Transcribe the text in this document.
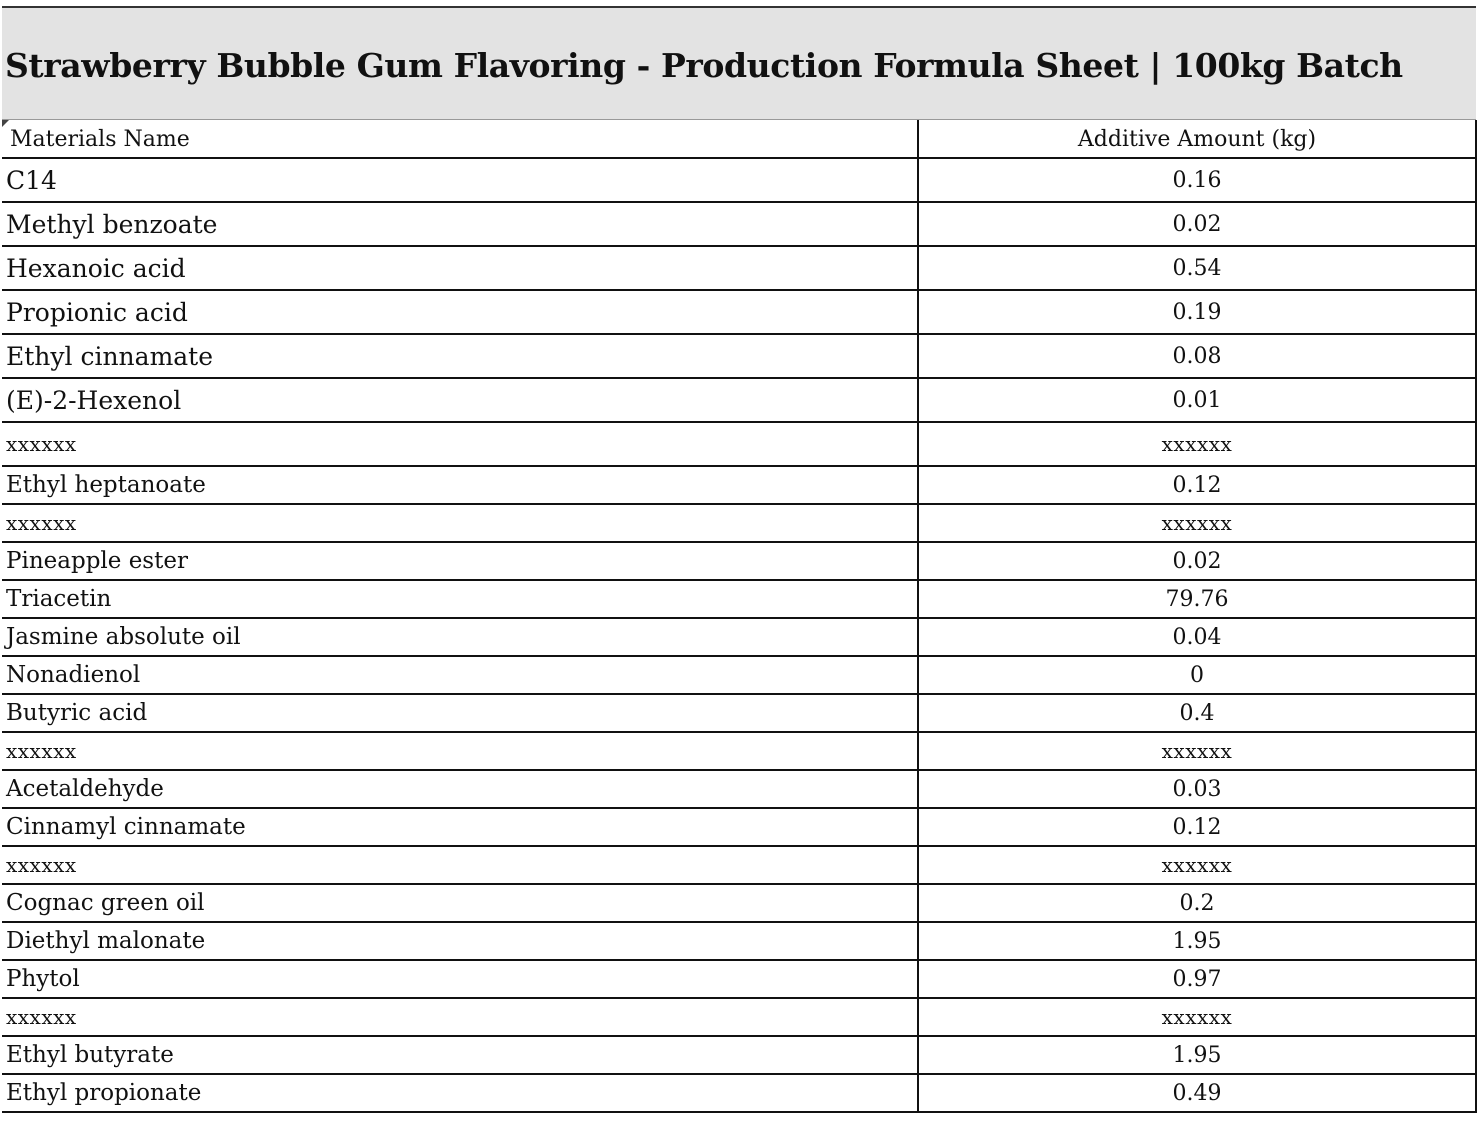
Strawberry Bubble Gum Flavoring - Production Formula Sheet | 100kg Batch
Materials Name	Additive Amount (kg)
C14	0.16
Methyl benzoate	0.02
Hexanoic acid	0.54
Propionic acid	0.19
Ethyl cinnamate	0.08
(E)-2-Hexenol	0.01
xxxxxx	xxxxxx
Ethyl heptanoate	0.12
xxxxxx	xxxxxx
Pineapple ester	0.02
Triacetin	79.76
Jasmine absolute oil	0.04
Nonadienol	0
Butyric acid	0.4
xxxxxx	xxxxxx
Acetaldehyde	0.03
Cinnamyl cinnamate	0.12
xxxxxx	xxxxxx
Cognac green oil	0.2
Diethyl malonate	1.95
Phytol	0.97
xxxxxx	xxxxxx
Ethyl butyrate	1.95
Ethyl propionate	0.49
